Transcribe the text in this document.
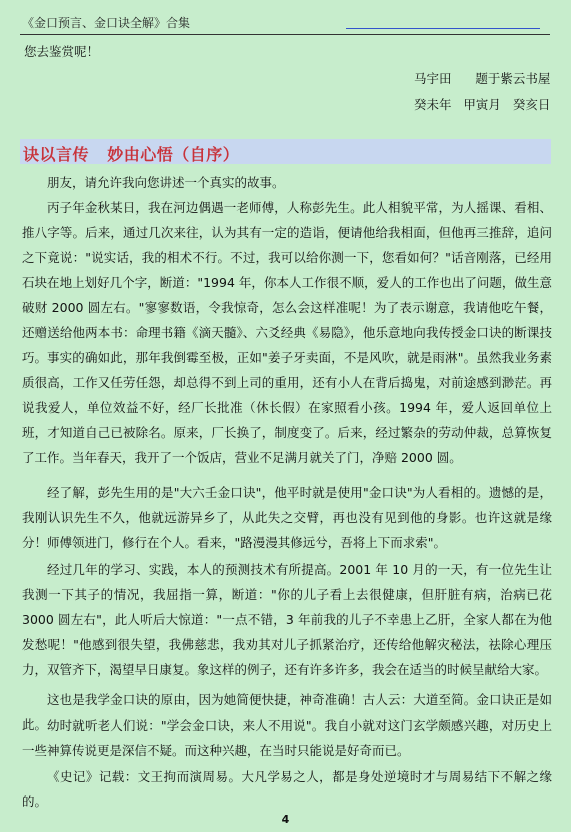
《金口预言、金口诀全解》合集
您去鉴赏呢！
马宇田      题于紫云书屋
癸未年   甲寅月   癸亥日
诀以言传   妙由心悟（自序）

朋友，请允许我向您讲述一个真实的故事。

丙子年金秋某日，我在河边偶遇一老师傅，人称彭先生。此人相貌平常，为人摇课、看相、推八字等。后来，通过几次来往，认为其有一定的造诣，便请他给我相面，但他再三推辞，追问之下竟说："说实话，我的相术不行。不过，我可以给你测一下，您看如何？"话音刚落，已经用石块在地上划好几个字，断道："1994 年，你本人工作很不顺，爱人的工作也出了问题，做生意破财 2000 圆左右。"寥寥数语，令我惊奇，怎么会这样准呢！为了表示谢意，我请他吃午餐，还赠送给他两本书：命理书籍《滴天髓》、六爻经典《易隐》，他乐意地向我传授金口诀的断课技巧。 事实的确如此，那年我倒霉至极，正如"姜子牙卖面，不是风吹，就是雨淋"。虽然我业务素质很高，工作又任劳任怨，却总得不到上司的重用，还有小人在背后捣鬼，对前途感到渺茫。再说我爱人，单位效益不好，经厂长批准（休长假）在家照看小孩。1994 年，爱人返回单位上班，才知道自己已被除名。原来，厂长换了，制度变了。后来，经过繁杂的劳动仲裁，总算恢复了工作。当年春天，我开了一个饭店，营业不足满月就关了门，净赔 2000 圆。

经了解，彭先生用的是"大六壬金口诀"，他平时就是使用"金口诀"为人看相的。遗憾的是，我刚认识先生不久，他就远游异乡了，从此失之交臂，再也没有见到他的身影。也许这就是缘分！师傅领进门，修行在个人。看来，"路漫漫其修远兮，吾将上下而求索"。

经过几年的学习、实践，本人的预测技术有所提高。2001 年 10 月的一天，有一位先生让我测一下其子的情况，我屈指一算，断道："你的儿子看上去很健康，但肝脏有病，治病已花 3000 圆左右"，此人听后大惊道："一点不错，3 年前我的儿子不幸患上乙肝，全家人都在为他发愁呢！"他感到很失望，我佛慈悲，我劝其对儿子抓紧治疗，还传给他解灾秘法，祛除心理压力，双管齐下，渴望早日康复。象这样的例子，还有许多许多，我会在适当的时候呈献给大家。

这也是我学金口诀的原由，因为她简便快捷，神奇准确！古人云：大道至简。金口诀正是如此。 幼时就听老人们说："学会金口诀，来人不用说"。我自小就对这门玄学颇感兴趣，对历史上一些神算传说更是深信不疑。而这种兴趣，在当时只能说是好奇而已。

《史记》记载：文王拘而演周易。大凡学易之人，都是身处逆境时才与周易结下不解之缘的。

4
